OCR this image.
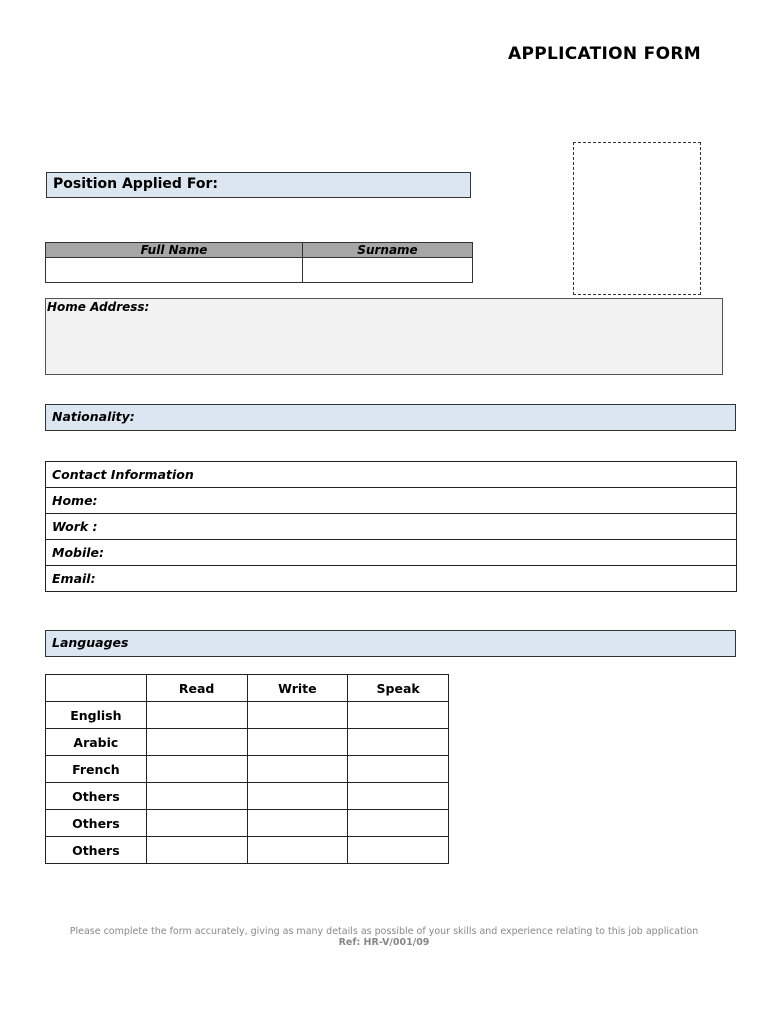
APPLICATION FORM
Position Applied For:
Full Name	Surname

Home Address:
Nationality:
Contact Information
Home:
Work :
Mobile:
Email:
Languages
	Read	Write	Speak
English			
Arabic			
French			
Others			
Others			
Others			
Please complete the form accurately, giving as many details as possible of your skills and experience relating to this job application
Ref: HR-V/001/09
